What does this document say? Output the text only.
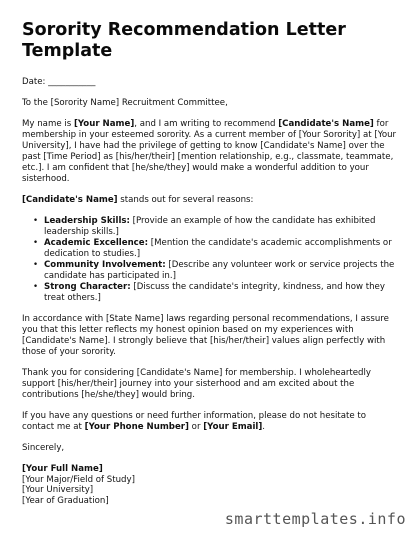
Sorority Recommendation Letter Template
Date: ___________
To the [Sorority Name] Recruitment Committee,
My name is [Your Name], and I am writing to recommend [Candidate's Name] for membership in your esteemed sorority. As a current member of [Your Sorority] at [Your University], I have had the privilege of getting to know [Candidate's Name] over the past [Time Period] as [his/her/their] [mention relationship, e.g., classmate, teammate, etc.]. I am confident that [he/she/they] would make a wonderful addition to your sisterhood.
[Candidate's Name] stands out for several reasons:
• Leadership Skills: [Provide an example of how the candidate has exhibited leadership skills.]
• Academic Excellence: [Mention the candidate's academic accomplishments or dedication to studies.]
• Community Involvement: [Describe any volunteer work or service projects the candidate has participated in.]
• Strong Character: [Discuss the candidate's integrity, kindness, and how they treat others.]
In accordance with [State Name] laws regarding personal recommendations, I assure you that this letter reflects my honest opinion based on my experiences with [Candidate's Name]. I strongly believe that [his/her/their] values align perfectly with those of your sorority.
Thank you for considering [Candidate's Name] for membership. I wholeheartedly support [his/her/their] journey into your sisterhood and am excited about the contributions [he/she/they] would bring.
If you have any questions or need further information, please do not hesitate to contact me at [Your Phone Number] or [Your Email].
Sincerely,
[Your Full Name]
[Your Major/Field of Study]
[Your University]
[Year of Graduation]
smarttemplates.info
